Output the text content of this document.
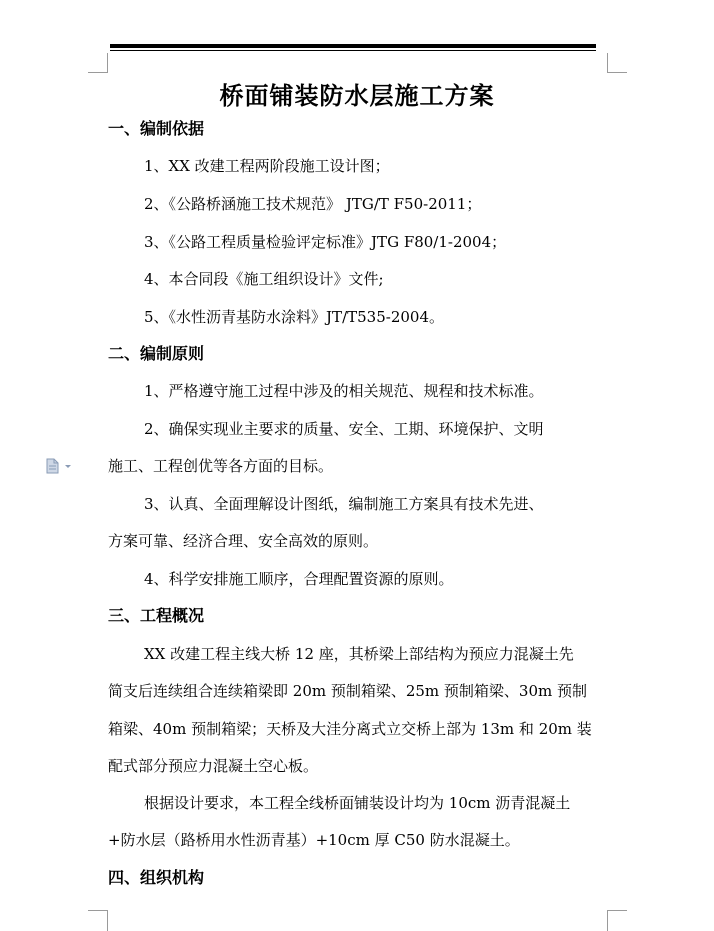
桥面铺装防水层施工方案
一、编制依据
1、XX 改建工程两阶段施工设计图；
2、《公路桥涵施工技术规范》 JTG/T F50-2011；
3、《公路工程质量检验评定标准》JTG F80/1-2004；
4、本合同段《施工组织设计》文件;
5、《水性沥青基防水涂料》JT/T535-2004。
二、编制原则
1、严格遵守施工过程中涉及的相关规范、规程和技术标准。
2、确保实现业主要求的质量、安全、工期、环境保护、文明
施工、工程创优等各方面的目标。
3、认真、全面理解设计图纸，编制施工方案具有技术先进、
方案可靠、经济合理、安全高效的原则。
4、科学安排施工顺序，合理配置资源的原则。
三、工程概况
XX 改建工程主线大桥 12 座，其桥梁上部结构为预应力混凝土先
简支后连续组合连续箱梁即 20m 预制箱梁、25m 预制箱梁、30m 预制
箱梁、40m 预制箱梁；天桥及大洼分离式立交桥上部为 13m 和 20m 装
配式部分预应力混凝土空心板。
根据设计要求，本工程全线桥面铺装设计均为 10cm 沥青混凝土
+防水层（路桥用水性沥青基）+10cm 厚 C50 防水混凝土。
四、组织机构
